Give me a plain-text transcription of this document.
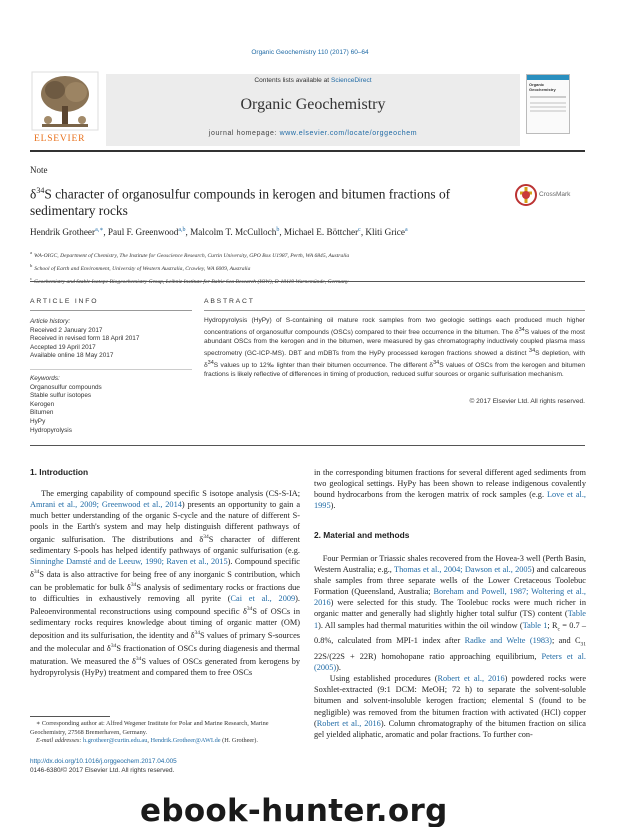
Organic Geochemistry 110 (2017) 60–64
ELSEVIER
Contents lists available at ScienceDirect
Organic Geochemistry
journal homepage: www.elsevier.com/locate/orggeochem
Organic
Geochemistry
Note
$\delta^{34}S$ character of organosulfur compounds in kerogen and bitumen fractions of sedimentary rocks
CrossMark
Hendrik Grotheer$^{a,∗}$, Paul F. Greenwood$^{a,b}$, Malcolm T. McCulloch$^b$, Michael E. Böttcher$^c$, Kliti Grice$^a$
$^a$WA-OIGC, Department of Chemistry, The Institute for Geoscience Research, Curtin University, GPO Box U1987, Perth, WA 6845, Australia
$^b$School of Earth and Environment, University of Western Australia, Crawley, WA 6009, Australia
$^c$
ARTICLE INFO	ABSTRACT
Article history:
Received 2 January 2017
Received in revised form 18 April 2017
Accepted 19 April 2017
Available online 18 May 2017
Keywords:
Organosulfur compounds
Stable sulfur isotopes
Kerogen
Bitumen
HyPy
Hydropyrolysis
Hydropyrolysis (HyPy) of S-containing oil mature rock samples from two geologic settings each produced much higher concentrations of organosulfur compounds (OSCs) compared to their free occurrence in the bitumen. The $\delta^{34}S$ values of the most abundant OSCs from the kerogen and in the bitumen, were measured by gas chromatography inductively coupled plasma mass spectrometry (GC-ICP-MS). DBT and mDBTs from the HyPy processed kerogen fractions showed a distinct $^{34}$S depletion, with $\delta^{34}S$ values up to 12‰ lighter than their bitumen occurrence. The different $\delta^{34}S$ values of OSCs from the kerogen and bitumen fractions is likely reflective of differences in timing of production, reduced sulfur sources or organic sulfurisation mechanism.
© 2017 Elsevier Ltd. All rights reserved.
1. Introduction
The emerging capability of compound specific S isotope analysis (CS-S-IA; Amrani et al., 2009; Greenwood et al., 2014) presents an opportunity to gain a much better understanding of the organic S-cycle and the nature of different S-pools in the Earth's system and may help distinguish different pathways of organic sulfurisation. The distributions and $\delta^{34}S$ character of different sedimentary S-pools has helped identify pathways of organic sulfurisation (e.g. Sinninghe Damsté and de Leeuw, 1990; Raven et al., 2015). Compound specific $\delta^{34}S$ data is also attractive for being free of any inorganic S contribution, which can be problematic for bulk $\delta^{34}S$ analysis of sedimentary rocks or fractions due to difficulties in exhaustively removing all pyrite (Cai et al., 2009). Paleoenvironmental reconstructions using compound specific $\delta^{34}S$ of OSCs in sedimentary rocks requires knowledge about timing of organic matter (OM) deposition and its sulfurisation, the identity and $\delta^{34}S$ values of primary S-sources and the molecular and $\delta^{34}S$ fractionation of OSCs during diagenesis and thermal maturation. We measured the $\delta^{34}S$ values of OSCs generated from kerogens by hydropyrolysis (HyPy) treatment and compared them to free OSCs
in the corresponding bitumen fractions for several different aged sediments from two geological settings. HyPy has been shown to release indigenous covalently bound hydrocarbons from the kerogen matrix of rock samples (e.g. Love et al., 1995).
2. Material and methods
Four Permian or Triassic shales recovered from the Hovea-3 well (Perth Basin, Western Australia; e.g., Thomas et al., 2004; Dawson et al., 2005) and calcareous shale samples from three separate wells of the Lower Cretaceous Toolebuc Formation (Queensland, Australia; Boreham and Powell, 1987; Woltering et al., 2016) were selected for this study. The Toolebuc rocks were much richer in organic matter and generally had slightly higher total sulfur (TS) content (Table 1). All samples had thermal maturities within the oil window (Table 1; $R_c = 0.7 - 0.8\%$, calculated from MPI-1 index after Radke and Welte (1983); and $C_{31}$ 22S/(22S + 22R) homohopane ratio approaching equilibrium, Peters et al. (2005)).
Using established procedures (Robert et al., 2016) powdered rocks were Soxhlet-extracted (9:1 DCM: MeOH; 72 h) to separate the solvent-soluble bitumen and solvent-insoluble kerogen fraction; elemental S (found to be negligible) was removed from the bitumen fraction with activated (HCl) copper (Robert et al., 2016). Column chromatography of the bitumen fraction on silica gel yielded aliphatic, aromatic and polar fractions. To further con-
∗ Corresponding author at: Alfred Wegener Institute for Polar and Marine Research, Marine Geochemistry, 27568 Bremerhaven, Germany.
E-mail addresses: h.grotheer@curtin.edu.au, Hendrik.Grotheer@AWI.de (H. Grotheer).
http://dx.doi.org/10.1016/j.orggeochem.2017.04.005
0146-6380/© 2017 Elsevier Ltd. All rights reserved.
ebook-hunter.org
